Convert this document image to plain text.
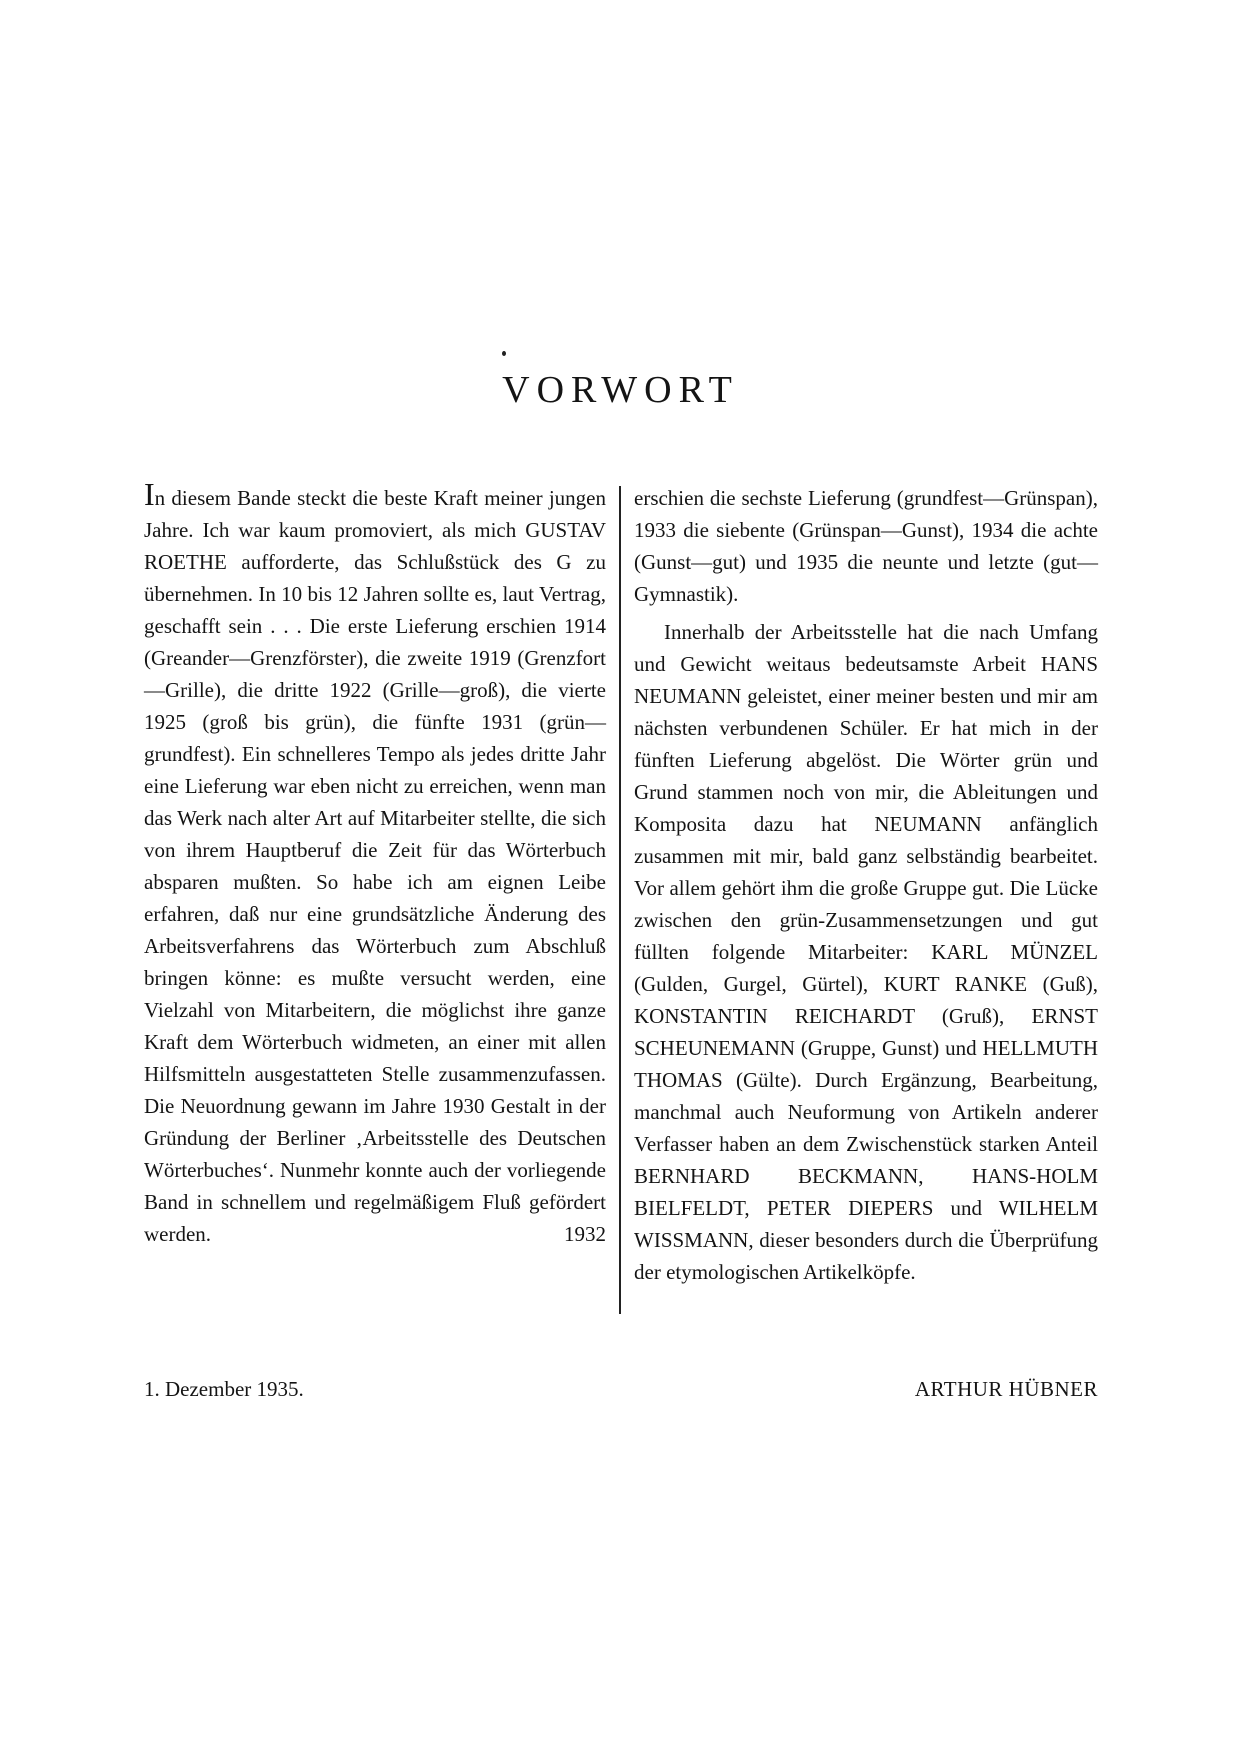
VORWORT

In diesem Bande steckt die beste Kraft meiner jungen Jahre. Ich war kaum promoviert, als mich GUSTAV ROETHE aufforderte, das Schlußstück des G zu übernehmen. In 10 bis 12 Jahren sollte es, laut Vertrag, geschafft sein . . . Die erste Lieferung erschien 1914 (Greander—Grenzförster), die zweite 1919 (Grenzfort—Grille), die dritte 1922 (Grille—groß), die vierte 1925 (groß bis grün), die fünfte 1931 (grün—grundfest). Ein schnelleres Tempo als jedes dritte Jahr eine Lieferung war eben nicht zu erreichen, wenn man das Werk nach alter Art auf Mitarbeiter stellte, die sich von ihrem Hauptberuf die Zeit für das Wörterbuch absparen mußten. So habe ich am eignen Leibe erfahren, daß nur eine grundsätzliche Änderung des Arbeitsverfahrens das Wörterbuch zum Abschluß bringen könne: es mußte versucht werden, eine Vielzahl von Mitarbeitern, die möglichst ihre ganze Kraft dem Wörterbuch widmeten, an einer mit allen Hilfsmitteln ausgestatteten Stelle zusammenzufassen. Die Neuordnung gewann im Jahre 1930 Gestalt in der Gründung der Berliner ‚Arbeitsstelle des Deutschen Wörterbuches‘. Nunmehr konnte auch der vorliegende Band in schnellem und regelmäßigem Fluß gefördert werden. 1932

erschien die sechste Lieferung (grundfest—Grünspan), 1933 die siebente (Grünspan—Gunst), 1934 die achte (Gunst—gut) und 1935 die neunte und letzte (gut—Gymnastik).

Innerhalb der Arbeitsstelle hat die nach Umfang und Gewicht weitaus bedeutsamste Arbeit HANS NEUMANN geleistet, einer meiner besten und mir am nächsten verbundenen Schüler. Er hat mich in der fünften Lieferung abgelöst. Die Wörter grün und Grund stammen noch von mir, die Ableitungen und Komposita dazu hat NEUMANN anfänglich zusammen mit mir, bald ganz selbständig bearbeitet. Vor allem gehört ihm die große Gruppe gut. Die Lücke zwischen den grün-Zusammensetzungen und gut füllten folgende Mitarbeiter: KARL MÜNZEL (Gulden, Gurgel, Gürtel), KURT RANKE (Guß), KONSTANTIN REICHARDT (Gruß), ERNST SCHEUNEMANN (Gruppe, Gunst) und HELLMUTH THOMAS (Gülte). Durch Ergänzung, Bearbeitung, manchmal auch Neuformung von Artikeln anderer Verfasser haben an dem Zwischenstück starken Anteil BERNHARD BECKMANN, HANS-HOLM BIELFELDT, PETER DIEPERS und WILHELM WISSMANN, dieser besonders durch die Überprüfung der etymologischen Artikelköpfe.

1. Dezember 1935.	ARTHUR HÜBNER
